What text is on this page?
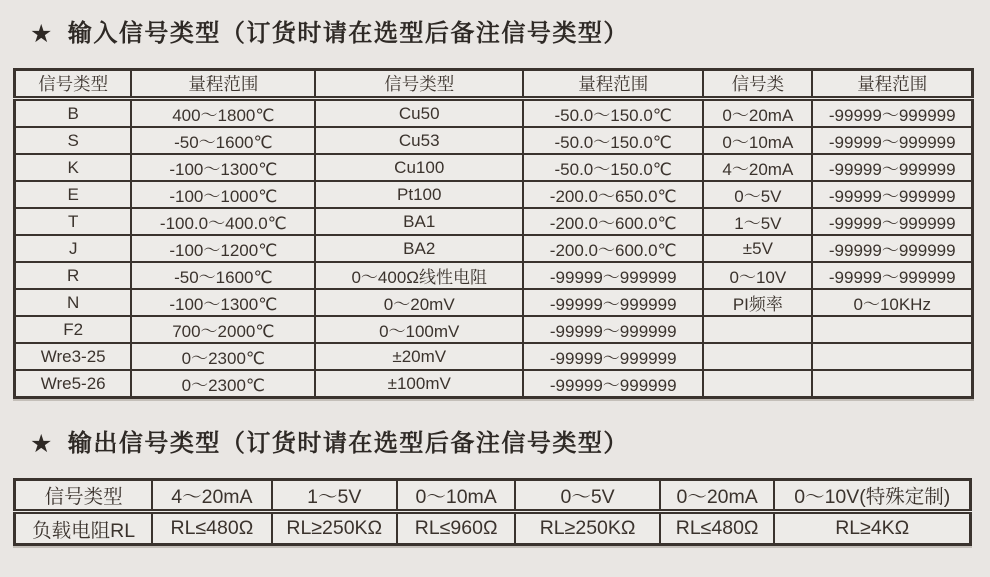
★ 输入信号类型（订货时请在选型后备注信号类型）
信号类型	量程范围	信号类型	量程范围	信号类	量程范围
B	400～1800℃	Cu50	-50.0～150.0℃	0～20mA	-99999～999999
S	-50～1600℃	Cu53	-50.0～150.0℃	0～10mA	-99999～999999
K	-100～1300℃	Cu100	-50.0～150.0℃	4～20mA	-99999～999999
E	-100～1000℃	Pt100	-200.0～650.0℃	0～5V	-99999～999999
T	-100.0～400.0℃	BA1	-200.0～600.0℃	1～5V	-99999～999999
J	-100～1200℃	BA2	-200.0～600.0℃	±5V	-99999～999999
R	-50～1600℃	0～400Ω线性电阻	-99999～999999	0～10V	-99999～999999
N	-100～1300℃	0～20mV	-99999～999999	PI频率	0～10KHz
F2	700～2000℃	0～100mV	-99999～999999		
Wre3-25	0～2300℃	±20mV	-99999～999999		
Wre5-26	0～2300℃	±100mV	-99999～999999		
★ 输出信号类型（订货时请在选型后备注信号类型）
信号类型	4～20mA	1～5V	0～10mA	0～5V	0～20mA	0～10V(特殊定制)
负载电阻RL	RL≤480Ω	RL≥250KΩ	RL≤960Ω	RL≥250KΩ	RL≤480Ω	RL≥4KΩ
